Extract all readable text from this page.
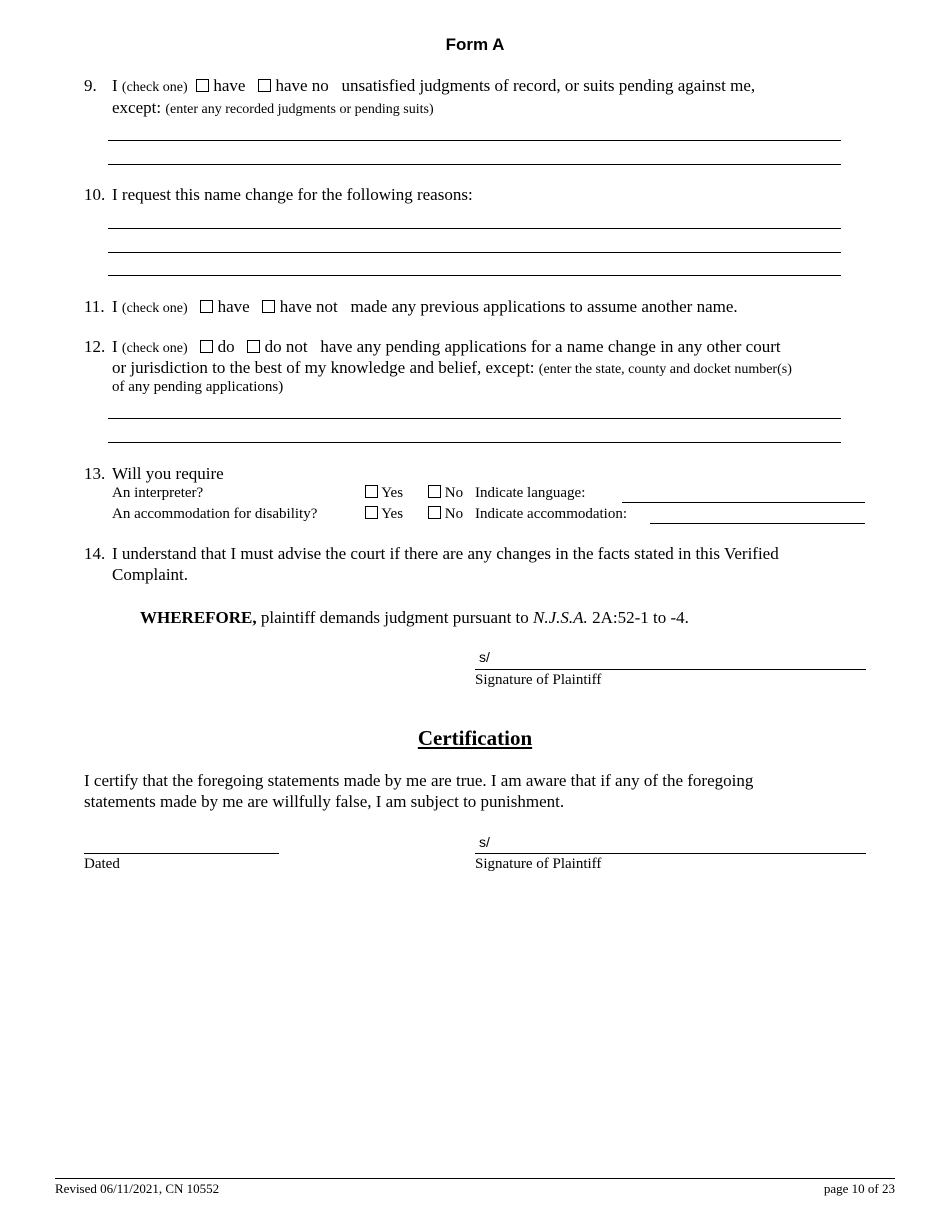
Form A
9. I (check one) have have no unsatisfied judgments of record, or suits pending against me,
except: (enter any recorded judgments or pending suits)
10. I request this name change for the following reasons:
11. I (check one) have have not made any previous applications to assume another name.
12. I (check one) do do not have any pending applications for a name change in any other court
or jurisdiction to the best of my knowledge and belief, except: (enter the state, county and docket number(s)
of any pending applications)
13. Will you require
An interpreter?	Yes	No Indicate language:
An accommodation for disability?	Yes	No Indicate accommodation:
14. I understand that I must advise the court if there are any changes in the facts stated in this Verified
Complaint.
WHEREFORE, plaintiff demands judgment pursuant to N.J.S.A. 2A:52-1 to -4.
s/
Signature of Plaintiff
Certification
I certify that the foregoing statements made by me are true. I am aware that if any of the foregoing
statements made by me are willfully false, I am subject to punishment.
Dated
s/
Signature of Plaintiff
Revised 06/11/2021, CN 10552	page 10 of 23
